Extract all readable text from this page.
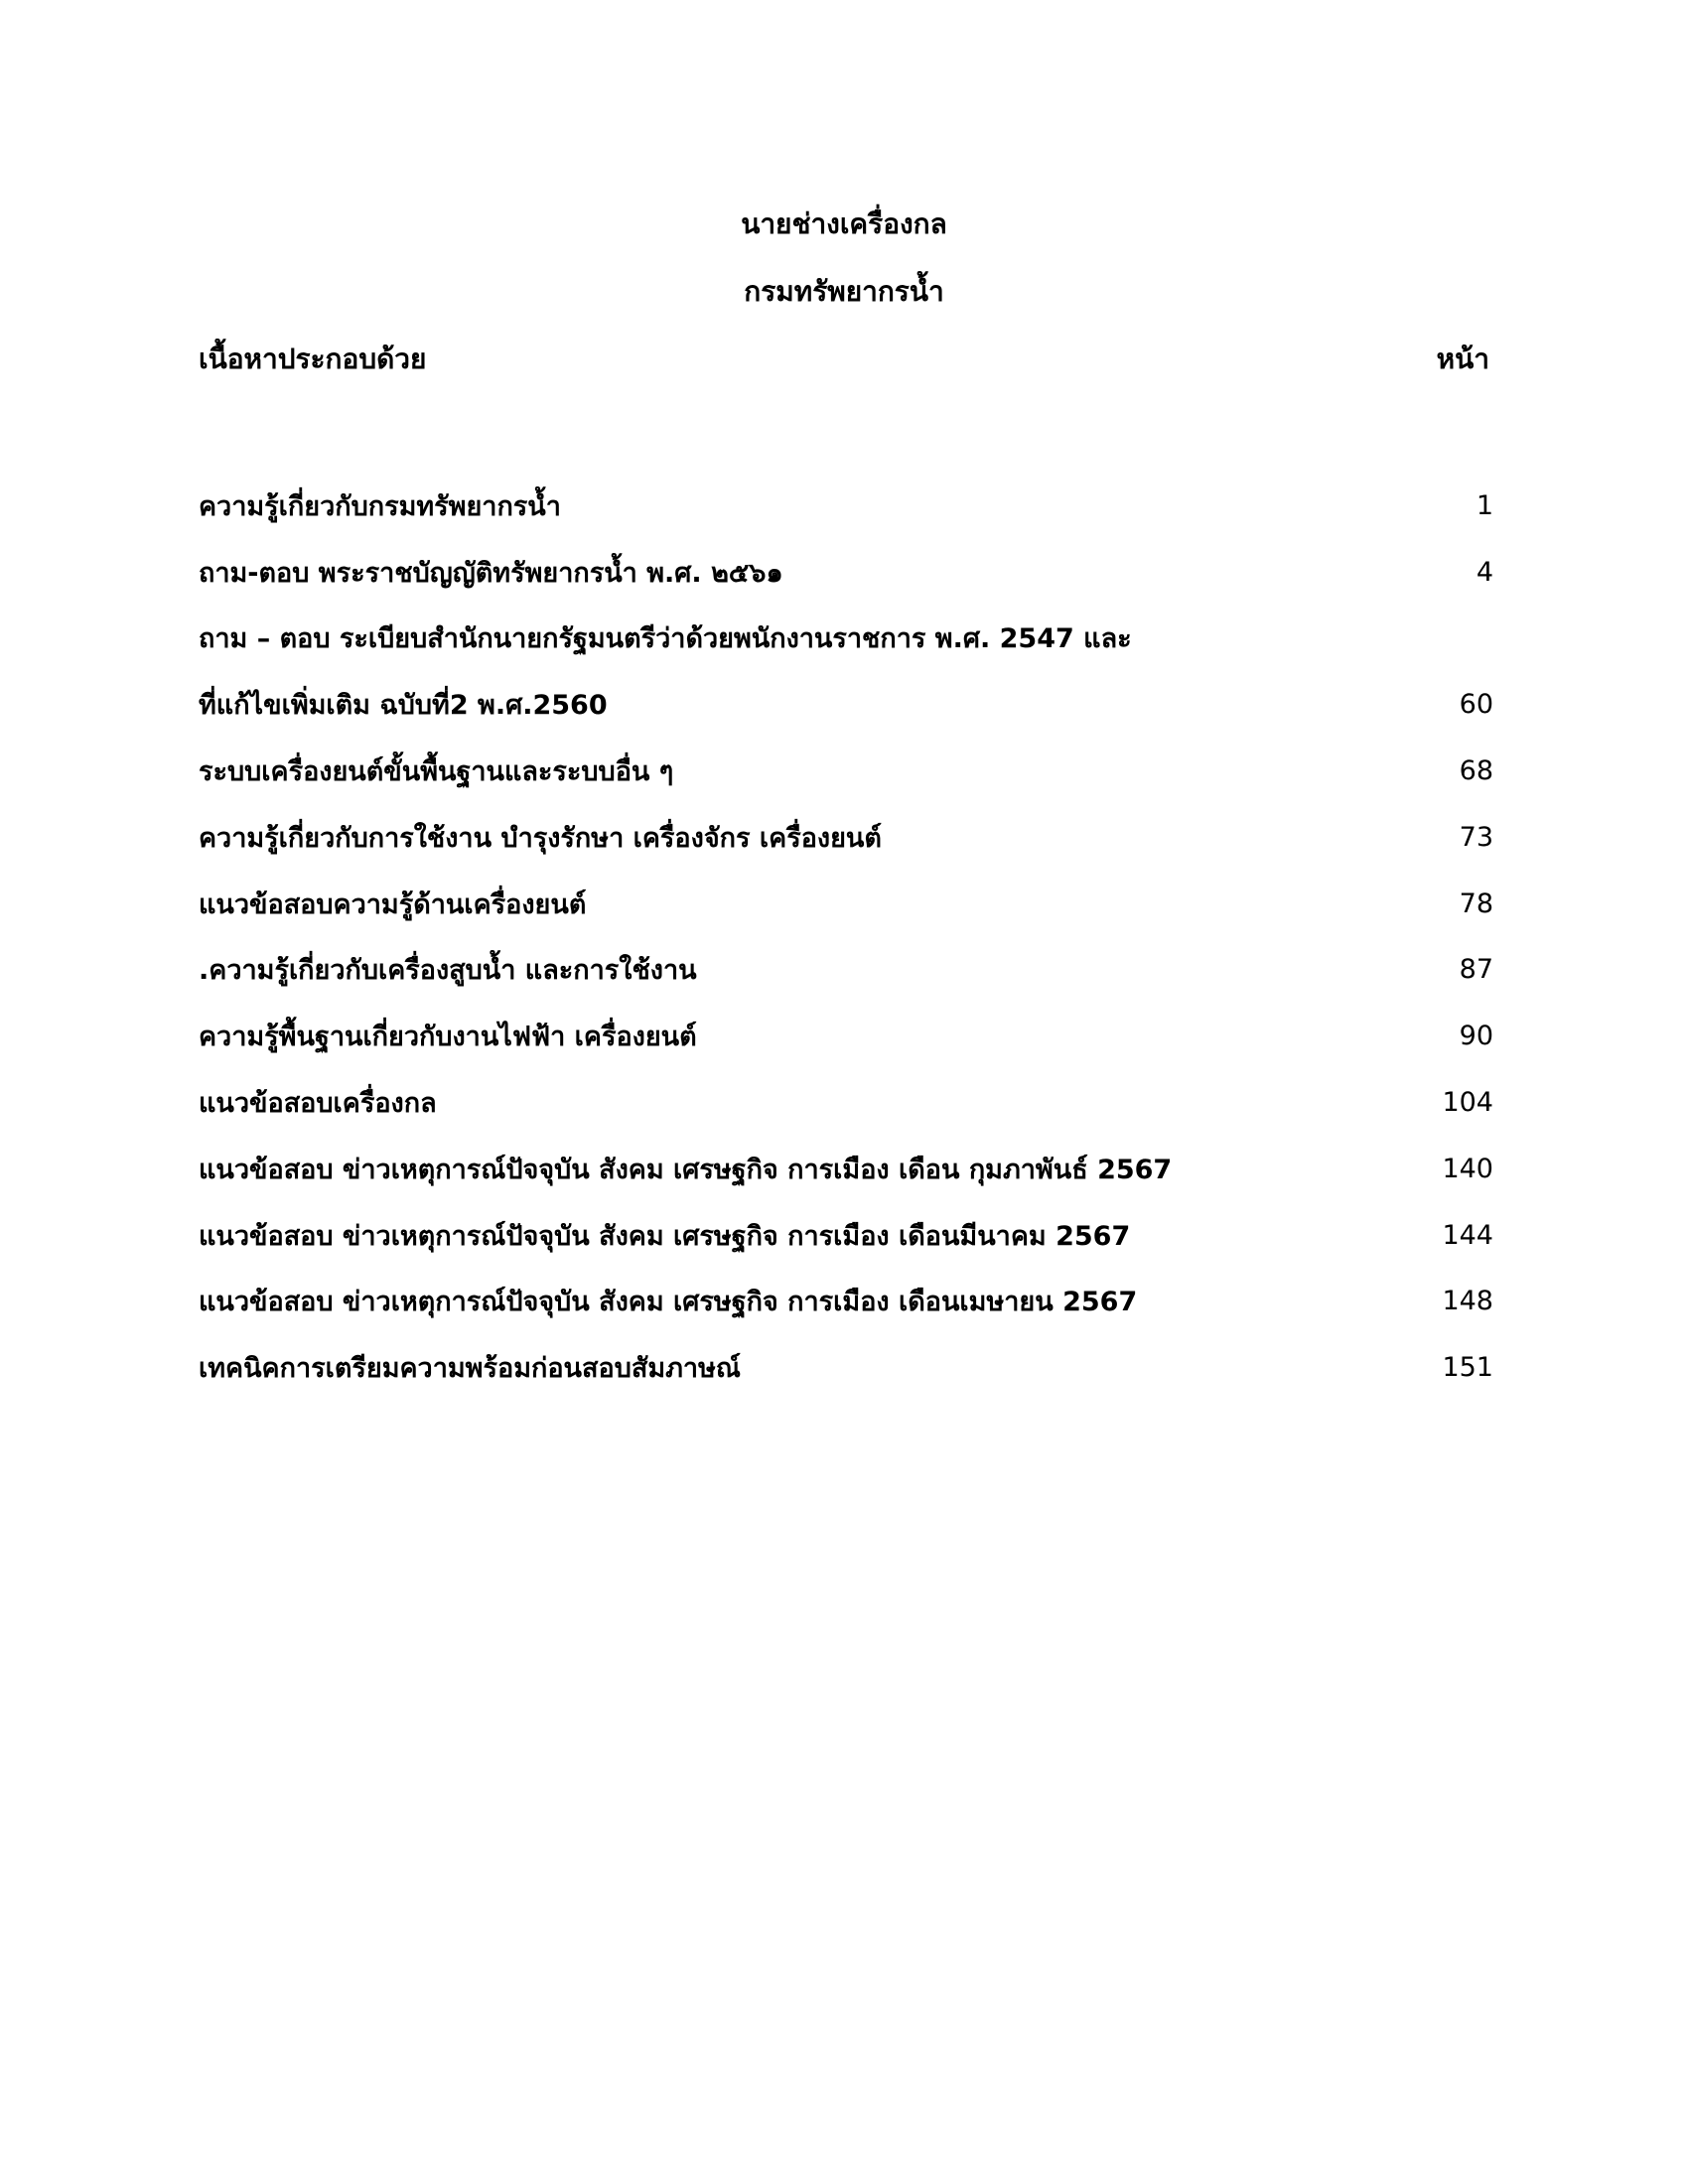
นายช่างเครื่องกล
กรมทรัพยากรน้ำ
เนื้อหาประกอบด้วย	หน้า
ความรู้เกี่ยวกับกรมทรัพยากรน้ำ	1
ถาม-ตอบ พระราชบัญญัติทรัพยากรน้ำ พ.ศ. ๒๕๖๑	4
ถาม – ตอบ ระเบียบสำนักนายกรัฐมนตรีว่าด้วยพนักงานราชการ พ.ศ. 2547 และ
ที่แก้ไขเพิ่มเติม ฉบับที่2 พ.ศ.2560	60
ระบบเครื่องยนต์ขั้นพื้นฐานและระบบอื่น ๆ	68
ความรู้เกี่ยวกับการใช้งาน บำรุงรักษา เครื่องจักร เครื่องยนต์	73
แนวข้อสอบความรู้ด้านเครื่องยนต์	78
.ความรู้เกี่ยวกับเครื่องสูบน้ำ และการใช้งาน	87
ความรู้พื้นฐานเกี่ยวกับงานไฟฟ้า เครื่องยนต์	90
แนวข้อสอบเครื่องกล	104
แนวข้อสอบ ข่าวเหตุการณ์ปัจจุบัน สังคม เศรษฐกิจ การเมือง เดือน กุมภาพันธ์ 2567	140
แนวข้อสอบ ข่าวเหตุการณ์ปัจจุบัน สังคม เศรษฐกิจ การเมือง เดือนมีนาคม 2567	144
แนวข้อสอบ ข่าวเหตุการณ์ปัจจุบัน สังคม เศรษฐกิจ การเมือง เดือนเมษายน 2567	148
เทคนิคการเตรียมความพร้อมก่อนสอบสัมภาษณ์	151
